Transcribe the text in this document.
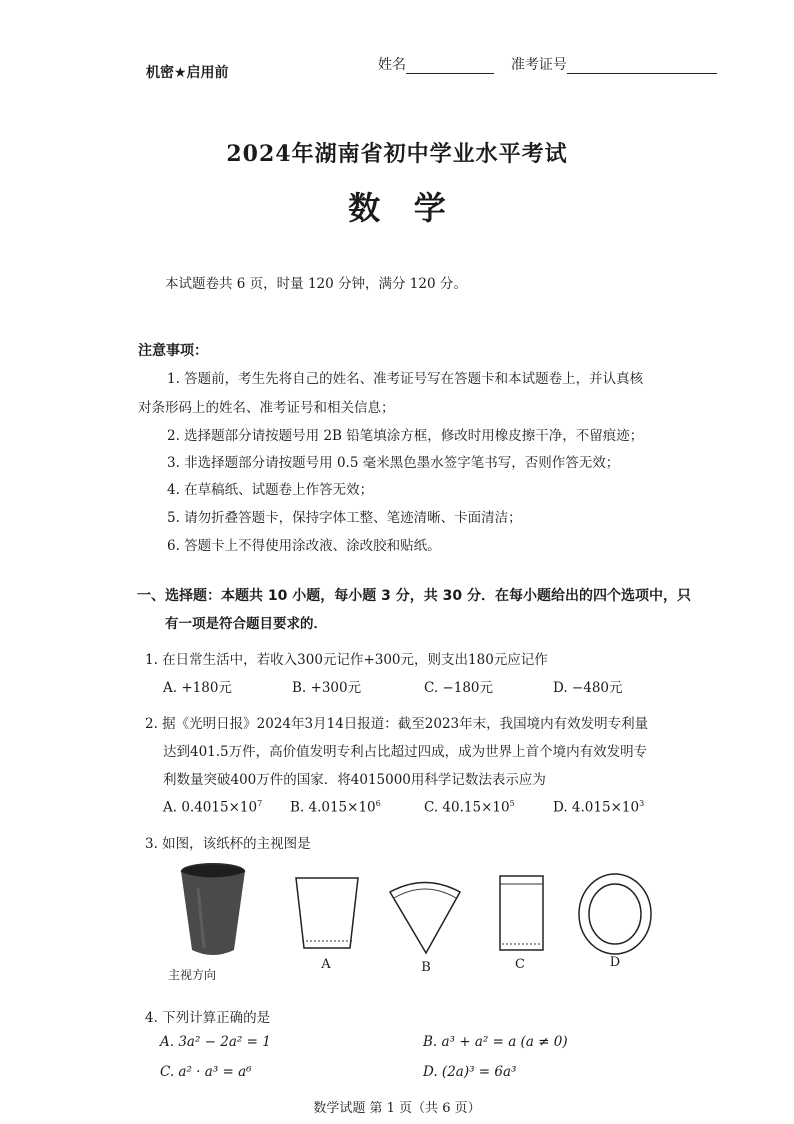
机密★启用前	姓名	准考证号
2024年湖南省初中学业水平考试
数   学
本试题卷共 6 页，时量 120 分钟，满分 120 分。
注意事项：
1. 答题前，考生先将自己的姓名、准考证号写在答题卡和本试题卷上，并认真核
对条形码上的姓名、准考证号和相关信息；
2. 选择题部分请按题号用 2B 铅笔填涂方框，修改时用橡皮擦干净，不留痕迹；
3. 非选择题部分请按题号用 0.5 毫米黑色墨水签字笔书写，否则作答无效；
4. 在草稿纸、试题卷上作答无效；
5. 请勿折叠答题卡，保持字体工整、笔迹清晰、卡面清洁；
6. 答题卡上不得使用涂改液、涂改胶和贴纸。
一、选择题：本题共 10 小题，每小题 3 分，共 30 分．在每小题给出的四个选项中，只
有一项是符合题目要求的．
1. 在日常生活中，若收入300元记作+300元，则支出180元应记作
A. +180元	B. +300元	C. −180元	D. −480元
2. 据《光明日报》2024年3月14日报道：截至2023年末，我国境内有效发明专利量
达到401.5万件，高价值发明专利占比超过四成，成为世界上首个境内有效发明专
利数量突破400万件的国家．将4015000用科学记数法表示应为
A. $0.4015\times 10^7$ B. $4.015\times 10^6$	C. $40.15\times 10^5$	D. $4.015\times 10^3$
3. 如图，该纸杯的主视图是
主视方向
A	B	C	D
4. 下列计算正确的是
A. 3a² − 2a² = 1	B. a³ + a² = a (a ≠ 0)
C. a² · a³ = a⁶	D. (2a)³ = 6a³
数学试题 第 1 页（共 6 页）
